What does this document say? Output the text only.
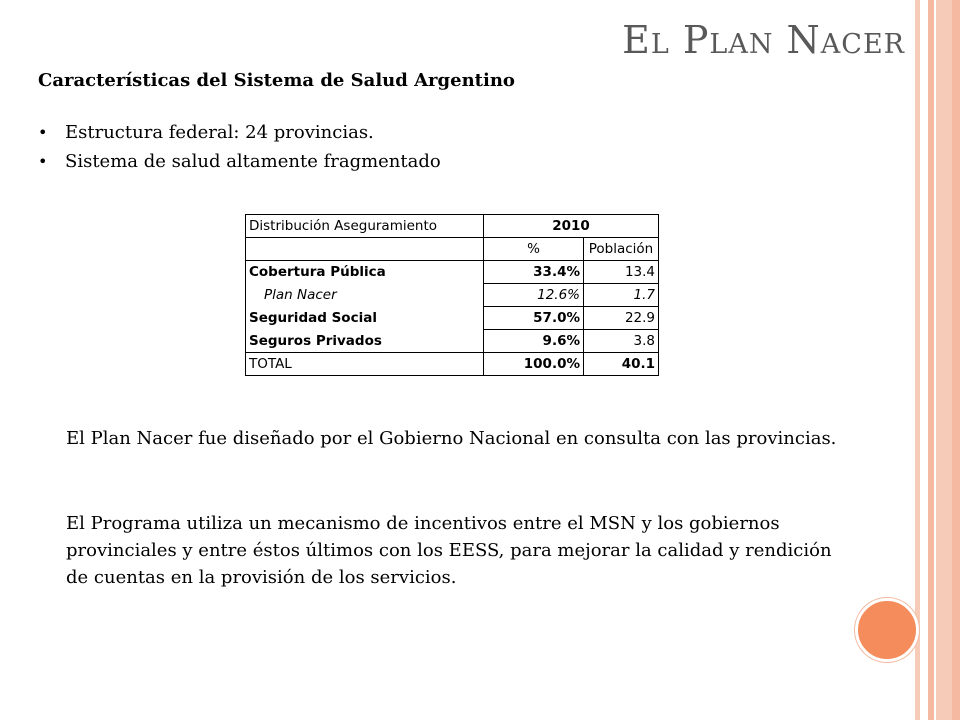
El Plan Nacer
Características del Sistema de Salud Argentino
• Estructura federal: 24 provincias.
• Sistema de salud altamente fragmentado
Distribución Aseguramiento	2010	
	%	Población
Cobertura Pública	33.4%	13.4
Plan Nacer	12.6%	1.7
Seguridad Social	57.0%	22.9
Seguros Privados	9.6%	3.8
TOTAL	100.0%	40.1

El Plan Nacer fue diseñado por el Gobierno Nacional en consulta con las provincias.

El Programa utiliza un mecanismo de incentivos entre el MSN y los gobiernos provinciales y entre éstos últimos con los EESS, para mejorar la calidad y rendición de cuentas en la provisión de los servicios.
